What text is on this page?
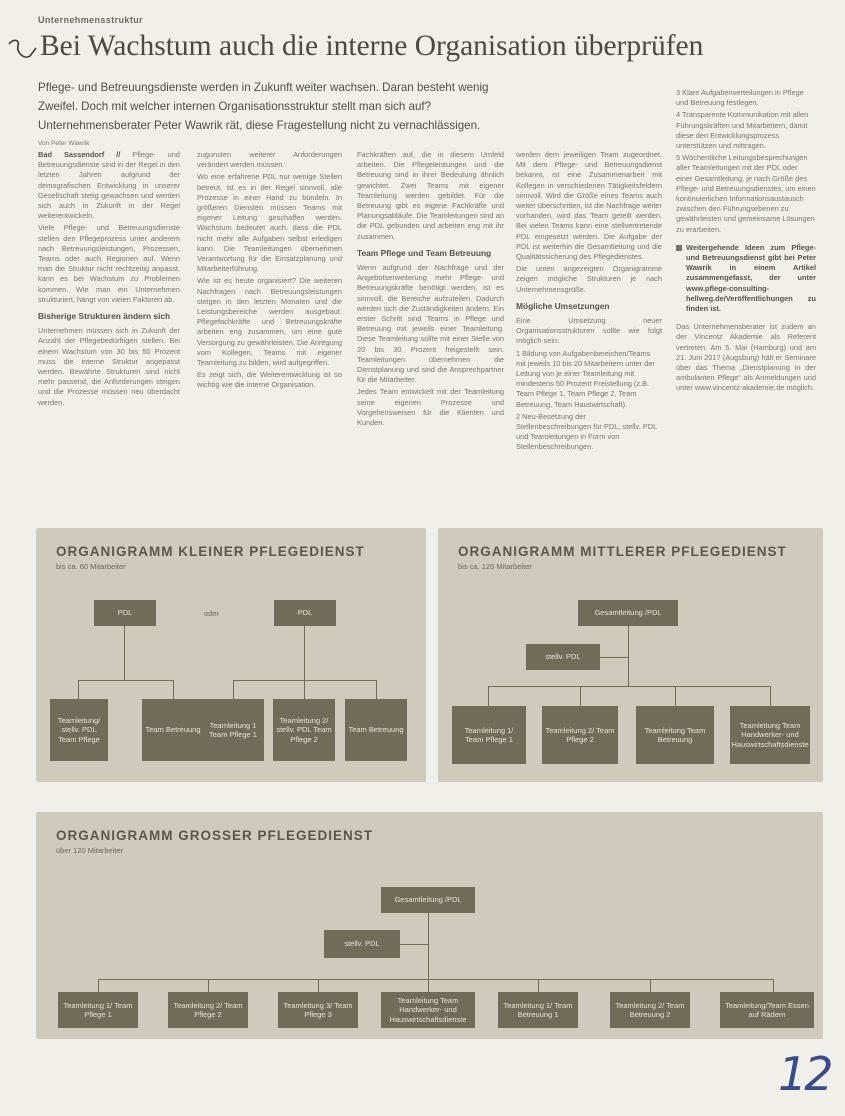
Unternehmensstruktur
Bei Wachstum auch die interne Organisation überprüfen
Pflege- und Betreuungsdienste werden in Zukunft weiter wachsen. Daran besteht wenig Zweifel. Doch mit welcher internen Organisationsstruktur stellt man sich auf? Unternehmensberater Peter Wawrik rät, diese Fragestellung nicht zu vernachlässigen.
Von Peter Wawrik

Bad Sassendorf // Pflege- und Betreuungsdienste sind in der Regel in den letzten Jahren aufgrund der demografischen Entwicklung in unserer Gesellschaft stetig gewachsen und werden sich auch in Zukunft in der Regel weiterentwickeln.

Viele Pflege- und Betreuungsdienste stellen den Pflegeprozess unter anderem nach Betreuungsleistungen, Prozessen, Teams oder auch Regionen auf. Wenn man die Struktur nicht rechtzeitig anpasst, kann es bei Wachstum zu Problemen kommen. Wie man ein Unternehmen strukturiert, hängt von vielen Faktoren ab.

Bisherige Strukturen ändern sich

Unternehmen müssen sich in Zukunft der Anzahl der Pflegebedürftigen stellen. Bei einem Wachstum von 30 bis 50 Prozent muss die interne Struktur angepasst werden. Bewährte Strukturen sind nicht mehr passend, die Anforderungen steigen und die Prozesse müssen neu überdacht werden.

zugunsten weiterer Anforderungen verändert werden müssen.

Wo eine erfahrene PDL nur wenige Stellen betreut, ist es in der Regel sinnvoll, alle Prozesse in einer Hand zu bündeln. In größeren Diensten müssen Teams mit eigener Leitung geschaffen werden. Wachstum bedeutet auch, dass die PDL nicht mehr alle Aufgaben selbst erledigen kann. Die Teamleitungen übernehmen Verantwortung für die Einsatzplanung und Mitarbeiterführung.

Wie ist es heute organisiert? Die weiteren Nachfragen nach Betreuungsleistungen steigen in den letzten Monaten und die Leistungsbereiche werden ausgebaut. Pflegefachkräfte und Betreuungskräfte arbeiten eng zusammen, um eine gute Versorgung zu gewährleisten. Die Anregung vom Kollegen, Teams mit eigener Teamleitung zu bilden, wird aufgegriffen.

Es zeigt sich, die Weiterentwicklung ist so wichtig wie die interne Organisation.

Fachkräften auf, die in diesem Umfeld arbeiten. Die Pflegeleistungen und die Betreuung sind in ihrer Bedeutung ähnlich gewichtet. Zwei Teams mit eigener Teamleitung werden gebildet. Für die Betreuung gibt es eigene Fachkräfte und Planungsabläufe. Die Teamleitungen sind an die PDL gebunden und arbeiten eng mit ihr zusammen.

Team Pflege und Team Betreuung

Wenn aufgrund der Nachfrage und der Angebotserweiterung mehr Pflege- und Betreuungskräfte benötigt werden, ist es sinnvoll, die Bereiche aufzuteilen. Dadurch werden sich die Zuständigkeiten ändern. Ein erster Schritt sind Teams in Pflege und Betreuung mit jeweils einer Teamleitung. Diese Teamleitung sollte mit einer Stelle von 20 bis 30 Prozent freigestellt sein. Teamleitungen übernehmen die Dienstplanung und sind die Ansprechpartner für die Mitarbeiter.

Jedes Team entwickelt mit der Teamleitung seine eigenen Prozesse und Vorgehensweisen für die Klienten und Kunden.

werden dem jeweiligen Team zugeordnet. Mit dem Pflege- und Betreuungsdienst bekannt, ist eine Zusammenarbeit mit Kollegen in verschiedenen Tätigkeitsfeldern sinnvoll. Wird die Größe eines Teams auch weiter überschritten, ist die Nachfrage weiter vorhanden, wird das Team geteilt werden. Bei vielen Teams kann eine stellvertretende PDL eingesetzt werden. Die Aufgabe der PDL ist weiterhin die Gesamtleitung und die Qualitätssicherung des Pflegedienstes.

Die unten angezeigten Organigramme zeigen mögliche Strukturen je nach Unternehmensgröße.

Mögliche Umsetzungen

Eine Umsetzung neuer Organisationsstrukturen sollte wie folgt möglich sein:

1 Bildung von Aufgabenbereichen/Teams mit jeweils 10 bis 20 Mitarbeitern unter der Leitung von je einer Teamleitung mit mindestens 50 Prozent Freistellung (z.B. Team Pflege 1, Team Pflege 2, Team Betreuung, Team Hauswirtschaft).
2 Neu-Besetzung der Stellenbeschreibungen für PDL, stellv. PDL und Teamleitungen in Form von Stellenbeschreibungen.
3 Klare Aufgabenverteilungen in Pflege und Betreuung festlegen.
4 Transparente Kommunikation mit allen Führungskräften und Mitarbeitern, damit diese den Entwicklungsprozess unterstützen und mittragen.
5 Wöchentliche Leitungsbesprechungen aller Teamleitungen mit der PDL oder einer Gesamtleitung, je nach Größe des Pflege- und Betreuungsdienstes, um einen kontinuierlichen Informationsaustausch zwischen den Führungsebenen zu gewährleisten und gemeinsame Lösungen zu erarbeiten.

Weitergehende Ideen zum Pflege- und Betreuungsdienst gibt bei Peter Wawrik in einem Artikel zusammengefasst, der unter www.pflege-consulting-hellweg.de/Veröffentlichungen zu finden ist.

Das Unternehmensberater ist zudem an der Vincentz Akademie als Referent vertreten. Am 5. Mai (Hamburg) und am 21. Juni 2017 (Augsburg) hält er Seminare über das Thema „Dienstplanung in der ambulanten Pflege“ als Anmeldungen und unter www.vincentz-akademie.de möglich.

ORGANIGRAMM KLEINER PFLEGEDIENST
bis ca. 60 Mitarbeiter
PDL	oder	PDL
Teamleitung/ stellv. PDL Team Pflege
Team Betreuung
Teamleitung 1 Team Pflege 1
Teamleitung 2/ stellv. PDL Team Pflege 2
Team Betreuung
ORGANIGRAMM MITTLERER PFLEGEDIENST
bis ca. 120 Mitarbeiter
Gesamtleitung /PDL
stellv. PDL
Teamleitung 1/ Team Pflege 1
Teamleitung 2/ Team Pflege 2
Teamleitung Team Betreuung
Teamleitung Team Handwerker- und Hauswirtschaftsdienste
ORGANIGRAMM GROSSER PFLEGEDIENST
über 120 Mitarbeiter
Gesamtleitung /PDL
stellv. PDL
Teamleitung 1/ Team Pflege 1
Teamleitung 2/ Team Pflege 2
Teamleitung 3/ Team Pflege 3
Teamleitung Team Handwerker- und Hauswirtschaftsdienste
Teamleitung 1/ Team Betreuung 1
Teamleitung 2/ Team Betreuung 2
Teamleitung/Team Essen auf Rädern
12
